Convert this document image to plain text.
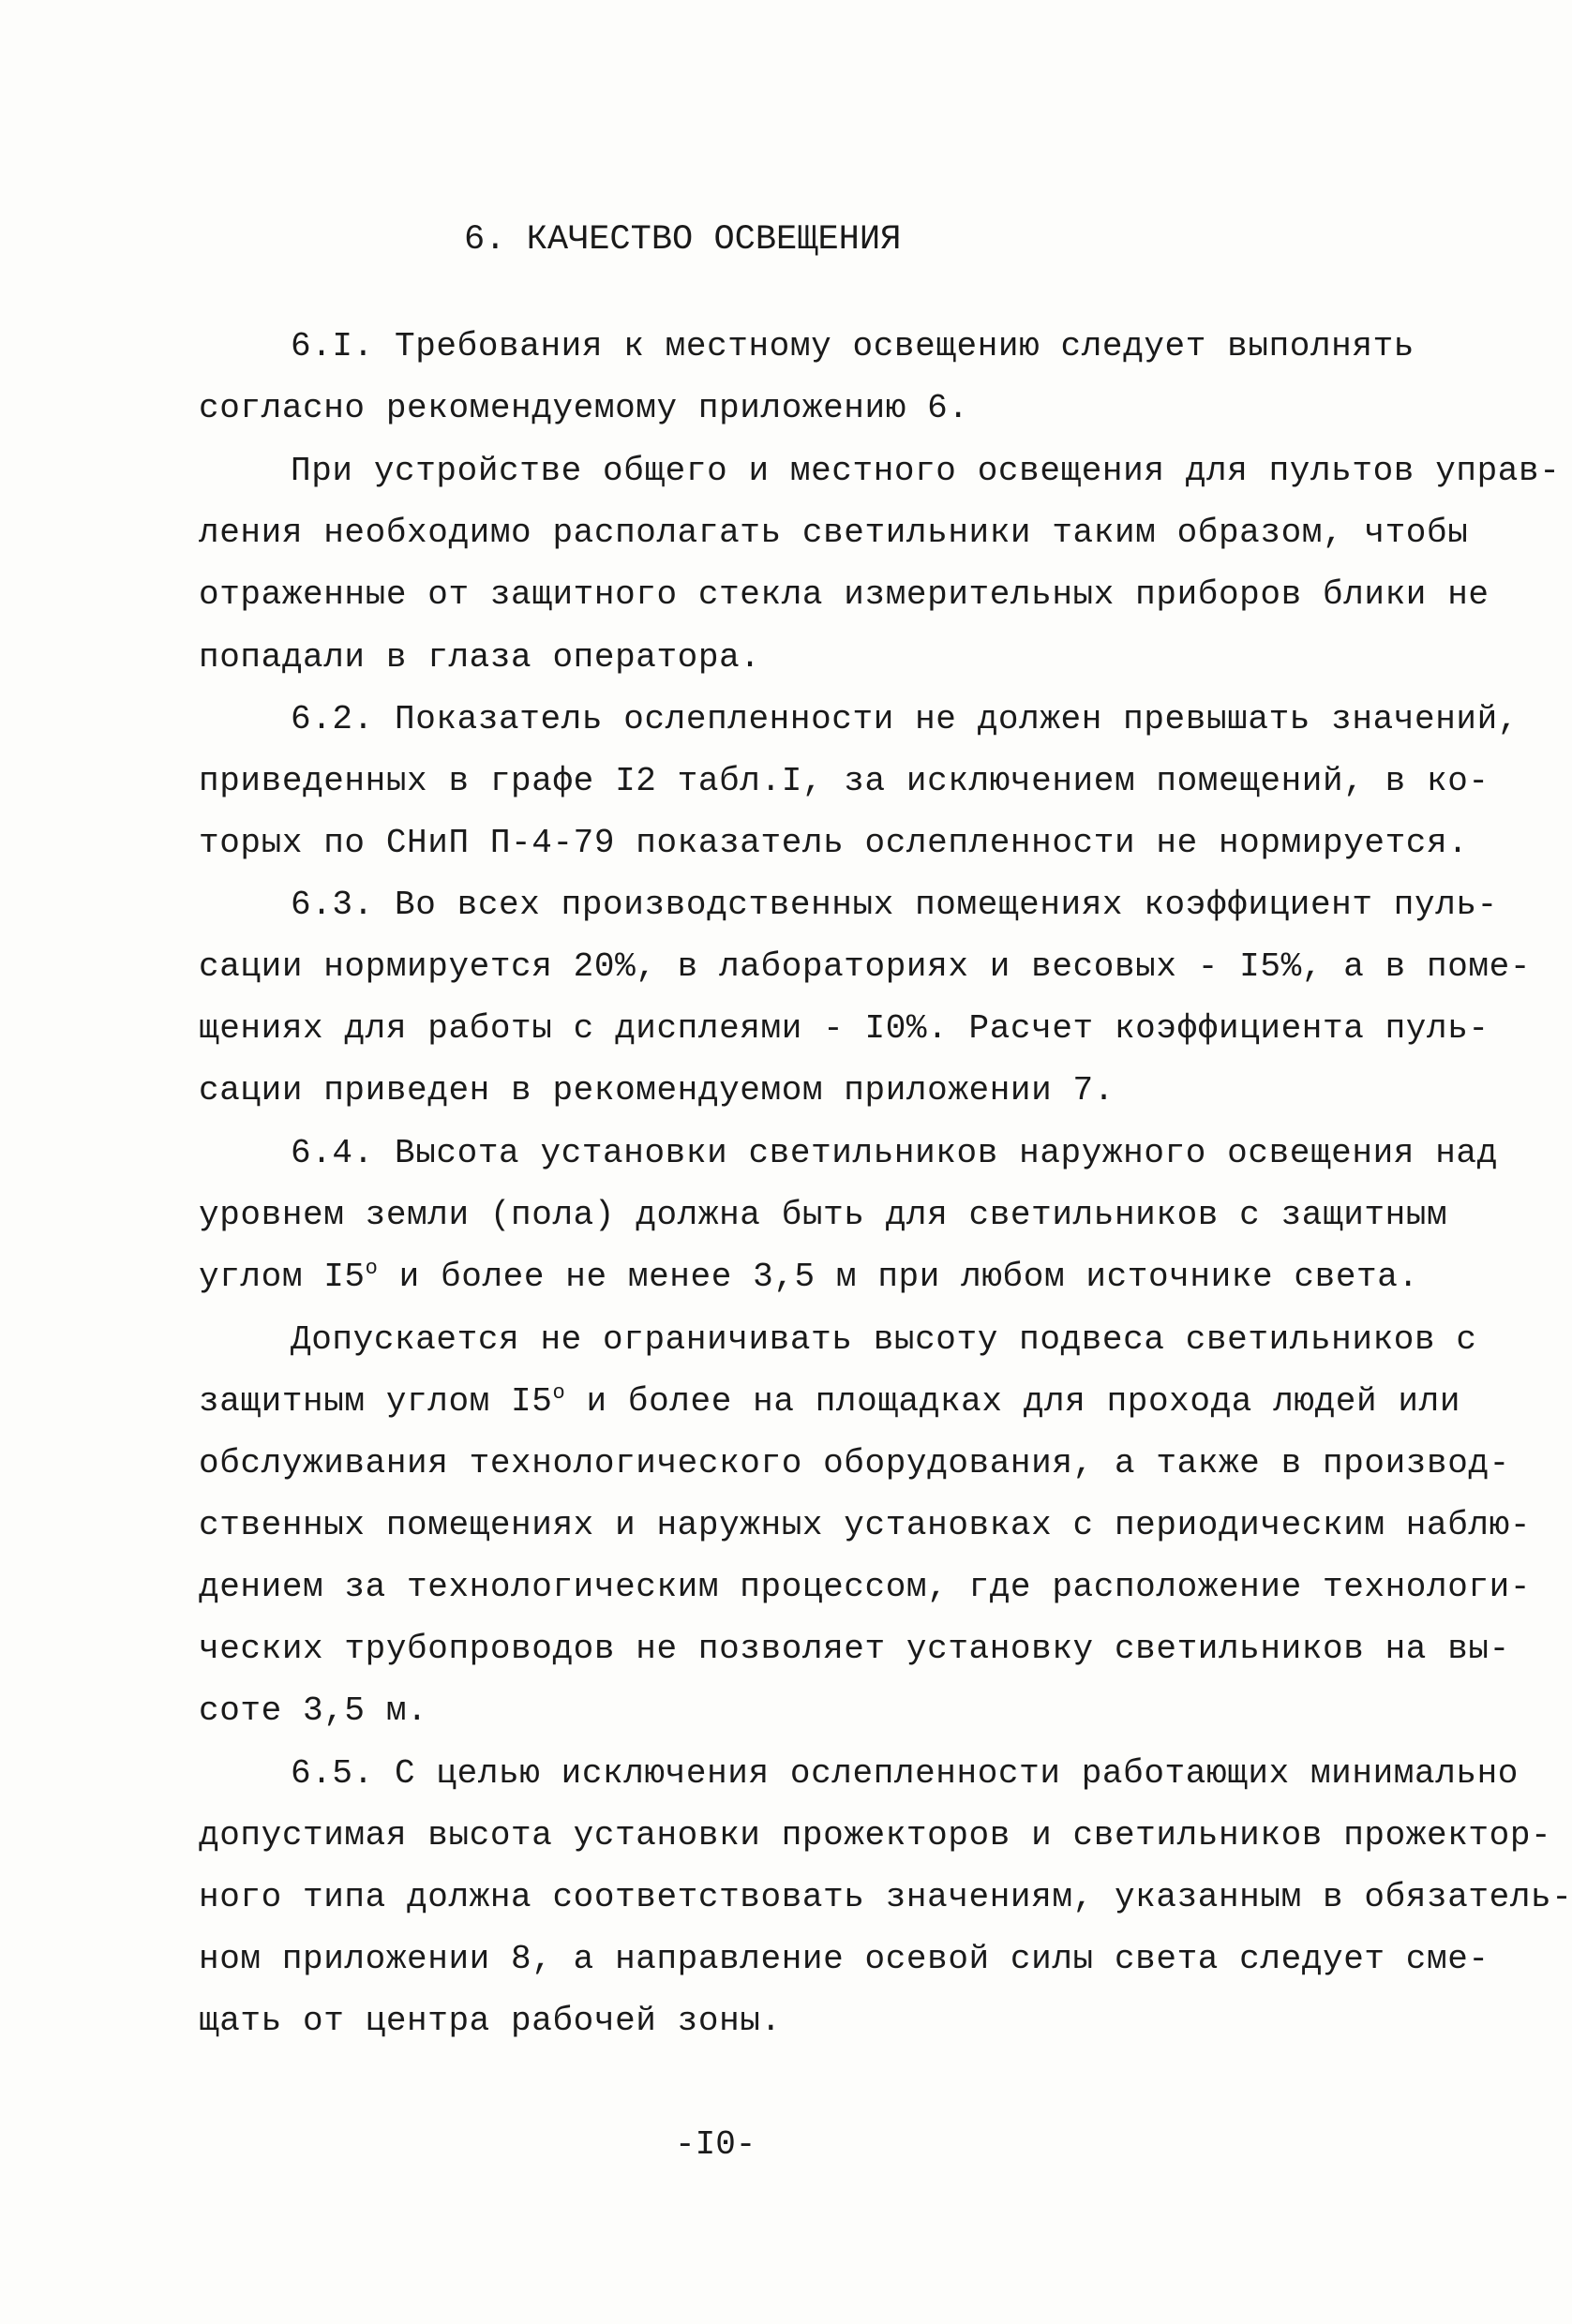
6. КАЧЕСТВО ОСВЕЩЕНИЯ
6.I. Требования к местному освещению следует выполнять
согласно рекомендуемому приложению 6.
При устройстве общего и местного освещения для пультов управ-
ления необходимо располагать светильники таким образом, чтобы
отраженные от защитного стекла измерительных приборов блики не
попадали в глаза оператора.
6.2. Показатель ослепленности не должен превышать значений,
приведенных в графе I2 табл.I, за исключением помещений, в ко-
торых по СНиП П-4-79 показатель ослепленности не нормируется.
6.3. Во всех производственных помещениях коэффициент пуль-
сации нормируется 20%, в лабораториях и весовых - I5%, а в поме-
щениях для работы с дисплеями - I0%. Расчет коэффициента пуль-
сации приведен в рекомендуемом приложении 7.
6.4. Высота установки светильников наружного освещения над
уровнем земли (пола) должна быть для светильников с защитным
углом $I5^о$ и более не менее 3,5 м при любом источнике света.
Допускается не ограничивать высоту подвеса светильников с
защитным углом $I5^о$ и более на площадках для прохода людей или
обслуживания технологического оборудования, а также в производ-
ственных помещениях и наружных установках с периодическим наблю-
дением за технологическим процессом, где расположение технологи-
ческих трубопроводов не позволяет установку светильников на вы-
соте 3,5 м.
6.5. С целью исключения ослепленности работающих минимально
допустимая высота установки прожекторов и светильников прожектор-
ного типа должна соответствовать значениям, указанным в обязатель-
ном приложении 8, а направление осевой силы света следует сме-
щать от центра рабочей зоны.
-I0-
